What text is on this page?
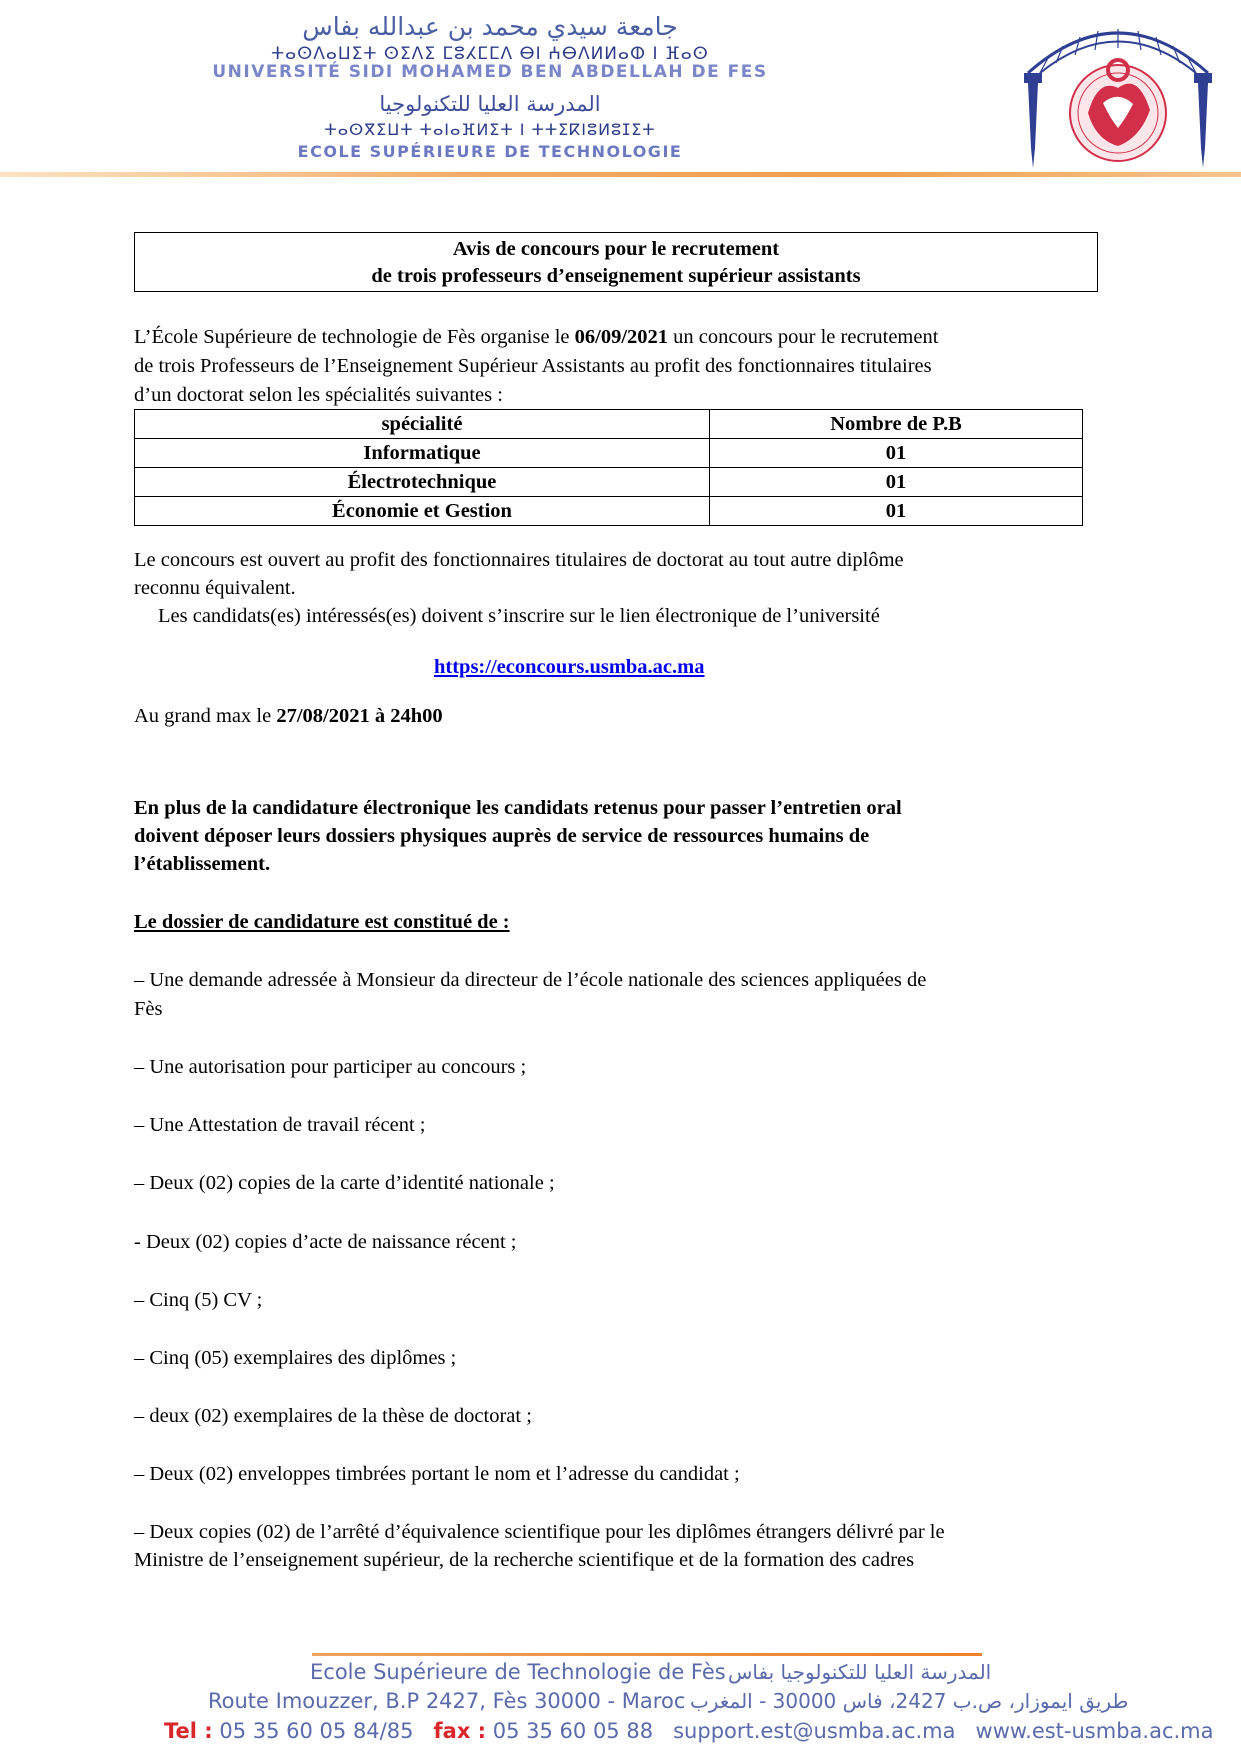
جامعة سيدي محمد بن عبدالله بفاس
ⵜⴰⵙⴷⴰⵡⵉⵜ ⵙⵉⴷⵉ ⵎⵓⵃⵎⵎⴷ ⴱⵏ ⵄⴱⴷⵍⵍⴰⵀ ⵏ ⴼⴰⵙ
UNIVERSITÉ SIDI MOHAMED BEN ABDELLAH DE FES
المدرسة العليا للتكنولوجيا
ⵜⴰⵙⴳⵉⵡⵜ ⵜⴰⵏⴰⴼⵍⵉⵜ ⵏ ⵜⵜⵉⴽⵏⵓⵍⵓⵊⵉⵜ
ECOLE SUPÉRIEURE DE TECHNOLOGIE
Avis de concours pour le recrutement
de trois professeurs d’enseignement supérieur assistants
L’École Supérieure de technologie de Fès organise le 06/09/2021 un concours pour le recrutement
de trois Professeurs de l’Enseignement Supérieur Assistants au profit des fonctionnaires titulaires
d’un doctorat selon les spécialités suivantes :
spécialité	Nombre de P.B
Informatique	01
Électrotechnique	01
Économie et Gestion	01
Le concours est ouvert au profit des fonctionnaires titulaires de doctorat au tout autre diplôme
reconnu équivalent.
Les candidats(es) intéressés(es) doivent s’inscrire sur le lien électronique de l’université
https://econcours.usmba.ac.ma
Au grand max le 27/08/2021 à 24h00
En plus de la candidature électronique les candidats retenus pour passer l’entretien oral
doivent déposer leurs dossiers physiques auprès de service de ressources humains de
l’établissement.
Le dossier de candidature est constitué de :
– Une demande adressée à Monsieur da directeur de l’école nationale des sciences appliquées de
Fès
– Une autorisation pour participer au concours ;
– Une Attestation de travail récent ;
– Deux (02) copies de la carte d’identité nationale ;
- Deux (02) copies d’acte de naissance récent ;
– Cinq (5) CV ;
– Cinq (05) exemplaires des diplômes ;
– deux (02) exemplaires de la thèse de doctorat ;
– Deux (02) enveloppes timbrées portant le nom et l’adresse du candidat ;
– Deux copies (02) de l’arrêté d’équivalence scientifique pour les diplômes étrangers délivré par le
Ministre de l’enseignement supérieur, de la recherche scientifique et de la formation des cadres
Ecole Supérieure de Technologie de Fès المدرسة العليا للتكنولوجيا بفاس
Route Imouzzer, B.P 2427, Fès 30000 - Maroc طريق ايموزار، ص.ب 2427، فاس 30000 - المغرب
Tel : 05 35 60 05 84/85 fax : 05 35 60 05 88 support.est@usmba.ac.ma www.est-usmba.ac.ma
